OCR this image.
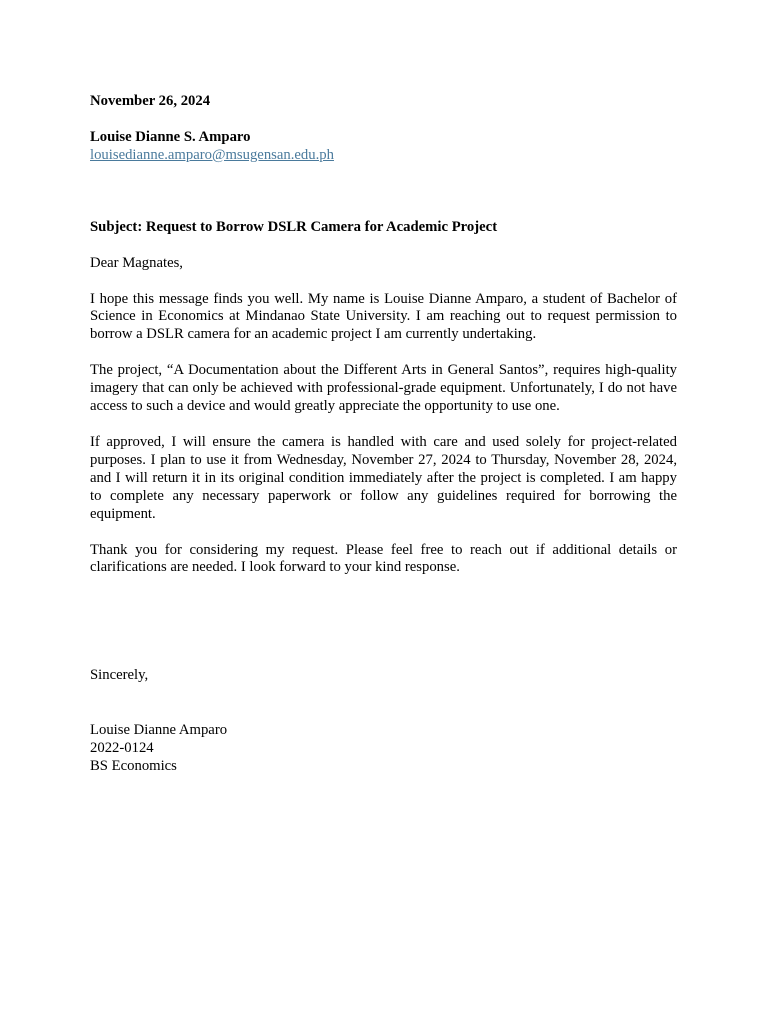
November 26, 2024
Louise Dianne S. Amparo
louisedianne.amparo@msugensan.edu.ph
Subject: Request to Borrow DSLR Camera for Academic Project
Dear Magnates,

I hope this message finds you well. My name is Louise Dianne Amparo, a student of Bachelor of Science in Economics at Mindanao State University. I am reaching out to request permission to borrow a DSLR camera for an academic project I am currently undertaking.

The project, “A Documentation about the Different Arts in General Santos”, requires high-quality imagery that can only be achieved with professional-grade equipment. Unfortunately, I do not have access to such a device and would greatly appreciate the opportunity to use one.

If approved, I will ensure the camera is handled with care and used solely for project-related purposes. I plan to use it from Wednesday, November 27, 2024 to Thursday, November 28, 2024, and I will return it in its original condition immediately after the project is completed. I am happy to complete any necessary paperwork or follow any guidelines required for borrowing the equipment.

Thank you for considering my request. Please feel free to reach out if additional details or clarifications are needed. I look forward to your kind response.

Sincerely,
Louise Dianne Amparo
2022-0124
BS Economics
